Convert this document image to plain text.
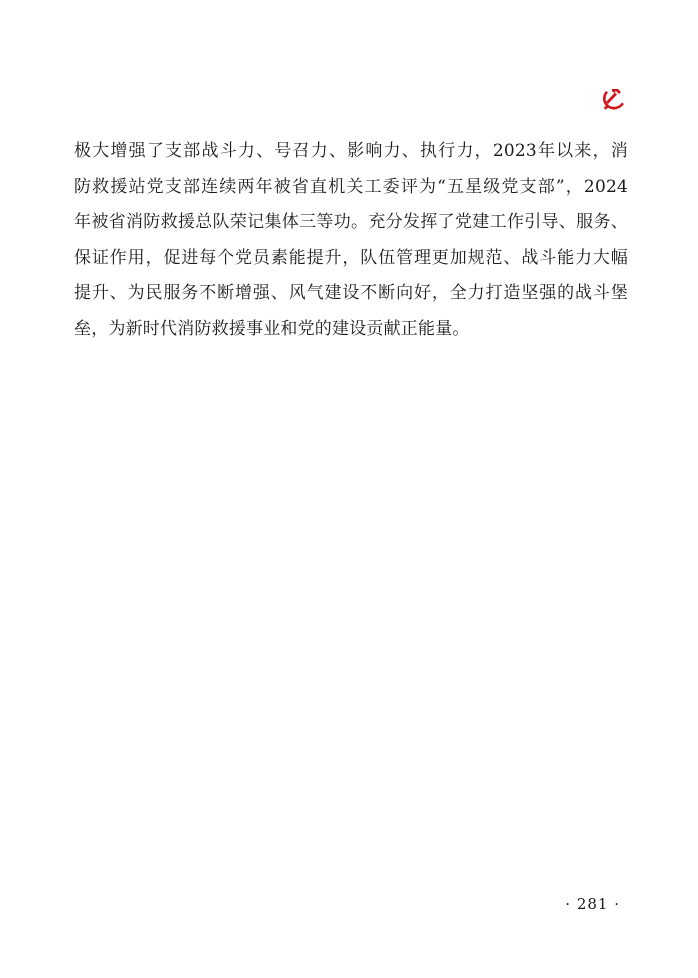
极大增强了支部战斗力、号召力、影响力、执行力，2023年以来，消
防救援站党支部连续两年被省直机关工委评为“五星级党支部”，2024
年被省消防救援总队荣记集体三等功。充分发挥了党建工作引导、服务、
保证作用，促进每个党员素能提升，队伍管理更加规范、战斗能力大幅
提升、为民服务不断增强、风气建设不断向好，全力打造坚强的战斗堡
垒，为新时代消防救援事业和党的建设贡献正能量。
· 281 ·
